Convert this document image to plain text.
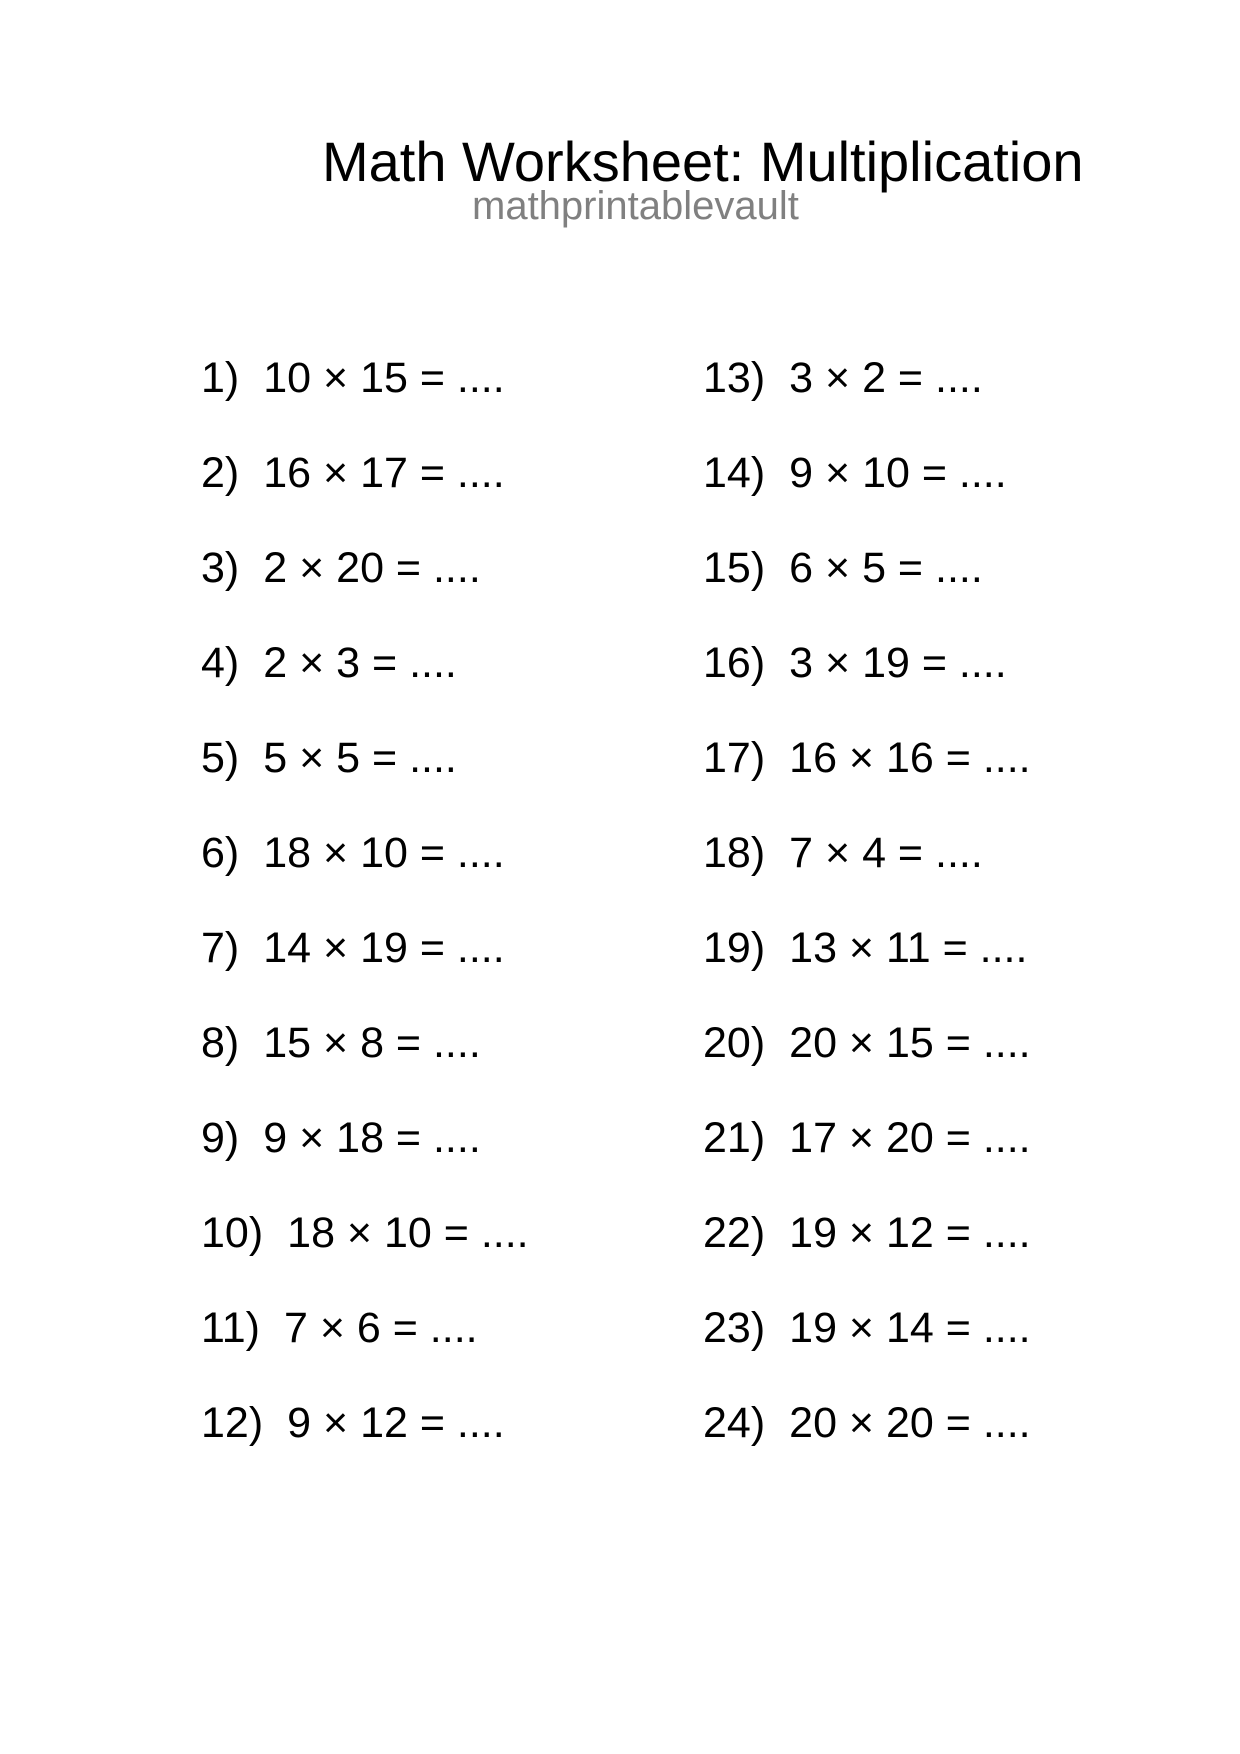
Math Worksheet: Multiplication
mathprintablevault
1) 10 × 15 = ....
2) 16 × 17 = ....
3) 2 × 20 = ....
4) 2 × 3 = ....
5) 5 × 5 = ....
6) 18 × 10 = ....
7) 14 × 19 = ....
8) 15 × 8 = ....
9) 9 × 18 = ....
10) 18 × 10 = ....
11) 7 × 6 = ....
12) 9 × 12 = ....
13) 3 × 2 = ....
14) 9 × 10 = ....
15) 6 × 5 = ....
16) 3 × 19 = ....
17) 16 × 16 = ....
18) 7 × 4 = ....
19) 13 × 11 = ....
20) 20 × 15 = ....
21) 17 × 20 = ....
22) 19 × 12 = ....
23) 19 × 14 = ....
24) 20 × 20 = ....
